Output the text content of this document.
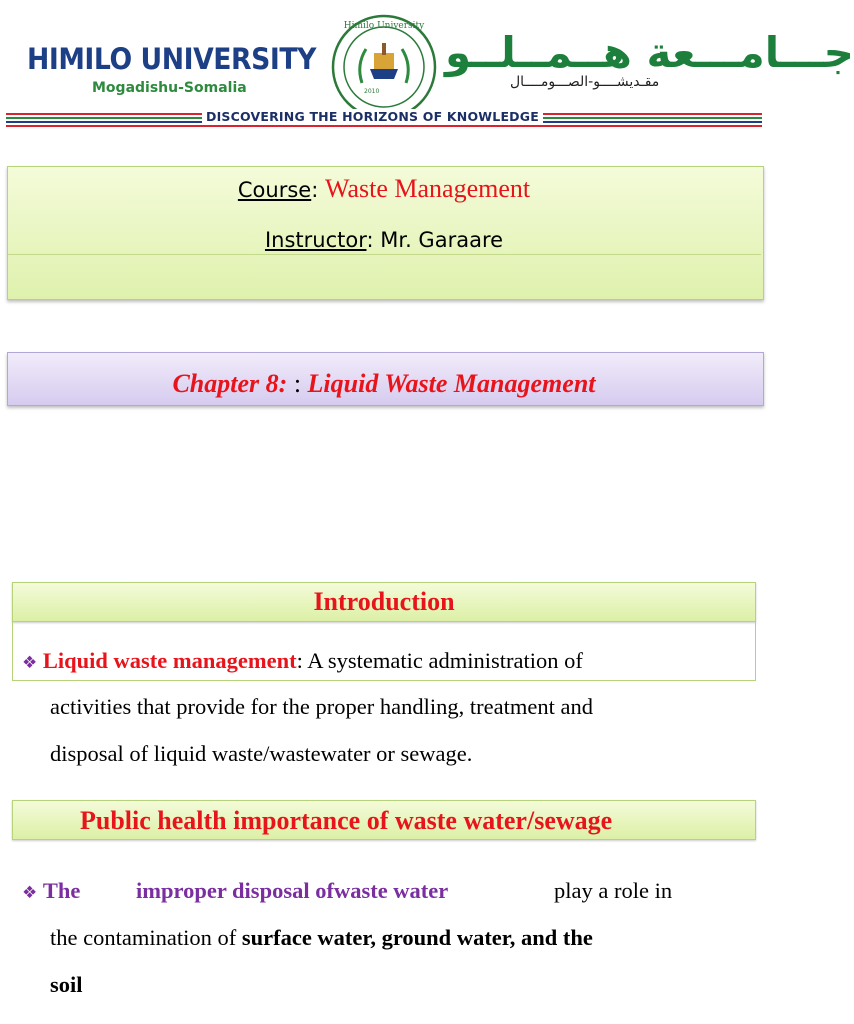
HIMILO UNIVERSITY
Mogadishu-Somalia
Himilo University
2010
جـــامـــعة هــمــلــو
مقـديشــــو-الصـــومــــال
DISCOVERING THE HORIZONS OF KNOWLEDGE
Course: Waste Management
Instructor: Mr. Garaare
Chapter 8: : Liquid Waste Management
Introduction
❖ Liquid waste management: A systematic administration of
activities that provide for the proper handling, treatment and
disposal of liquid waste/wastewater or sewage.
Public health importance of waste water/sewage
❖ The improper disposal ofwaste water	play a role in
the contamination of surface water, ground water, and the
soil
